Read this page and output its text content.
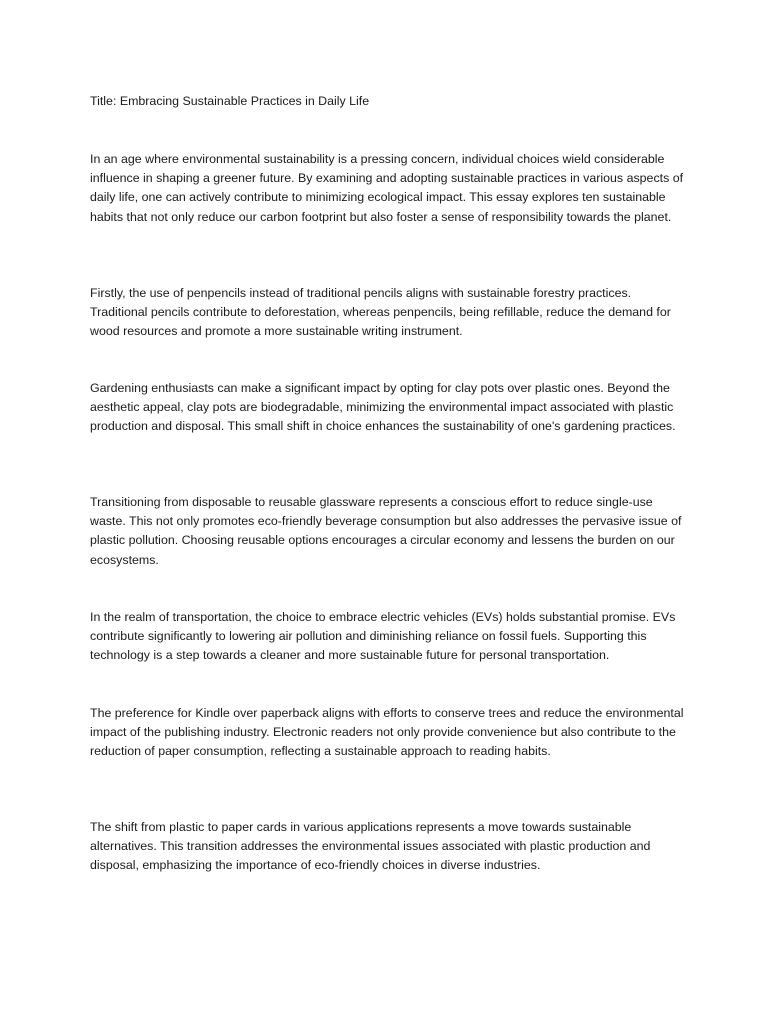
Title: Embracing Sustainable Practices in Daily Life

In an age where environmental sustainability is a pressing concern, individual choices wield considerable influence in shaping a greener future. By examining and adopting sustainable practices in various aspects of daily life, one can actively contribute to minimizing ecological impact. This essay explores ten sustainable habits that not only reduce our carbon footprint but also foster a sense of responsibility towards the planet.

Firstly, the use of penpencils instead of traditional pencils aligns with sustainable forestry practices. Traditional pencils contribute to deforestation, whereas penpencils, being refillable, reduce the demand for wood resources and promote a more sustainable writing instrument.

Gardening enthusiasts can make a significant impact by opting for clay pots over plastic ones. Beyond the aesthetic appeal, clay pots are biodegradable, minimizing the environmental impact associated with plastic production and disposal. This small shift in choice enhances the sustainability of one's gardening practices.

Transitioning from disposable to reusable glassware represents a conscious effort to reduce single-use waste. This not only promotes eco-friendly beverage consumption but also addresses the pervasive issue of plastic pollution. Choosing reusable options encourages a circular economy and lessens the burden on our ecosystems.

In the realm of transportation, the choice to embrace electric vehicles (EVs) holds substantial promise. EVs contribute significantly to lowering air pollution and diminishing reliance on fossil fuels. Supporting this technology is a step towards a cleaner and more sustainable future for personal transportation.

The preference for Kindle over paperback aligns with efforts to conserve trees and reduce the environmental impact of the publishing industry. Electronic readers not only provide convenience but also contribute to the reduction of paper consumption, reflecting a sustainable approach to reading habits.

The shift from plastic to paper cards in various applications represents a move towards sustainable alternatives. This transition addresses the environmental issues associated with plastic production and disposal, emphasizing the importance of eco-friendly choices in diverse industries.
